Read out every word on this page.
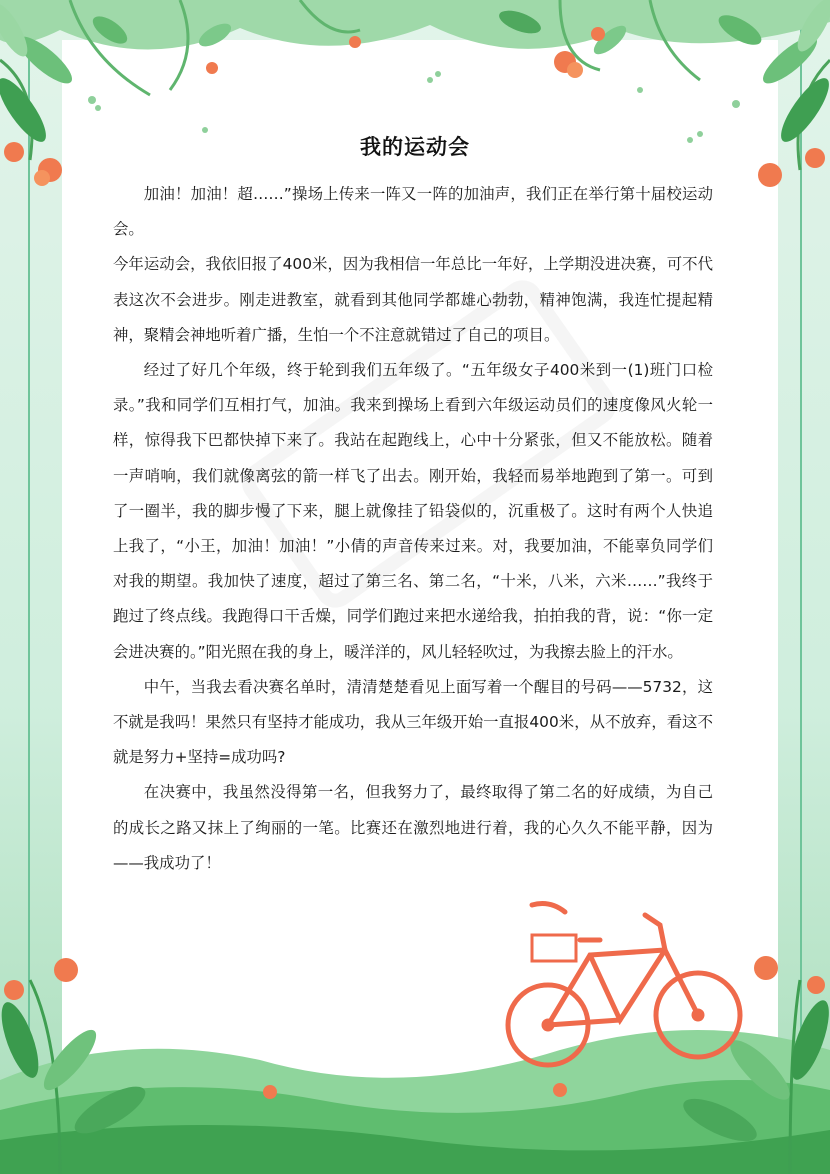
我的运动会

加油！加油！超……”操场上传来一阵又一阵的加油声，我们正在举行第十届校运动会。

今年运动会，我依旧报了400米，因为我相信一年总比一年好，上学期没进决赛，可不代表这次不会进步。刚走进教室，就看到其他同学都雄心勃勃，精神饱满，我连忙提起精神，聚精会神地听着广播，生怕一个不注意就错过了自己的项目。

经过了好几个年级，终于轮到我们五年级了。“五年级女子400米到一(1)班门口检录。”我和同学们互相打气，加油。我来到操场上看到六年级运动员们的速度像风火轮一样，惊得我下巴都快掉下来了。我站在起跑线上，心中十分紧张，但又不能放松。随着一声哨响，我们就像离弦的箭一样飞了出去。刚开始，我轻而易举地跑到了第一。可到了一圈半，我的脚步慢了下来，腿上就像挂了铅袋似的，沉重极了。这时有两个人快追上我了，“小王，加油！加油！”小倩的声音传来过来。对，我要加油，不能辜负同学们对我的期望。我加快了速度，超过了第三名、第二名，“十米，八米，六米……”我终于跑过了终点线。我跑得口干舌燥，同学们跑过来把水递给我，拍拍我的背，说：“你一定会进决赛的。”阳光照在我的身上，暖洋洋的，风儿轻轻吹过，为我擦去脸上的汗水。

中午，当我去看决赛名单时，清清楚楚看见上面写着一个醒目的号码——5732，这不就是我吗！果然只有坚持才能成功，我从三年级开始一直报400米，从不放弃，看这不就是努力+坚持=成功吗?

在决赛中，我虽然没得第一名，但我努力了，最终取得了第二名的好成绩，为自己的成长之路又抹上了绚丽的一笔。比赛还在激烈地进行着，我的心久久不能平静，因为——我成功了！
